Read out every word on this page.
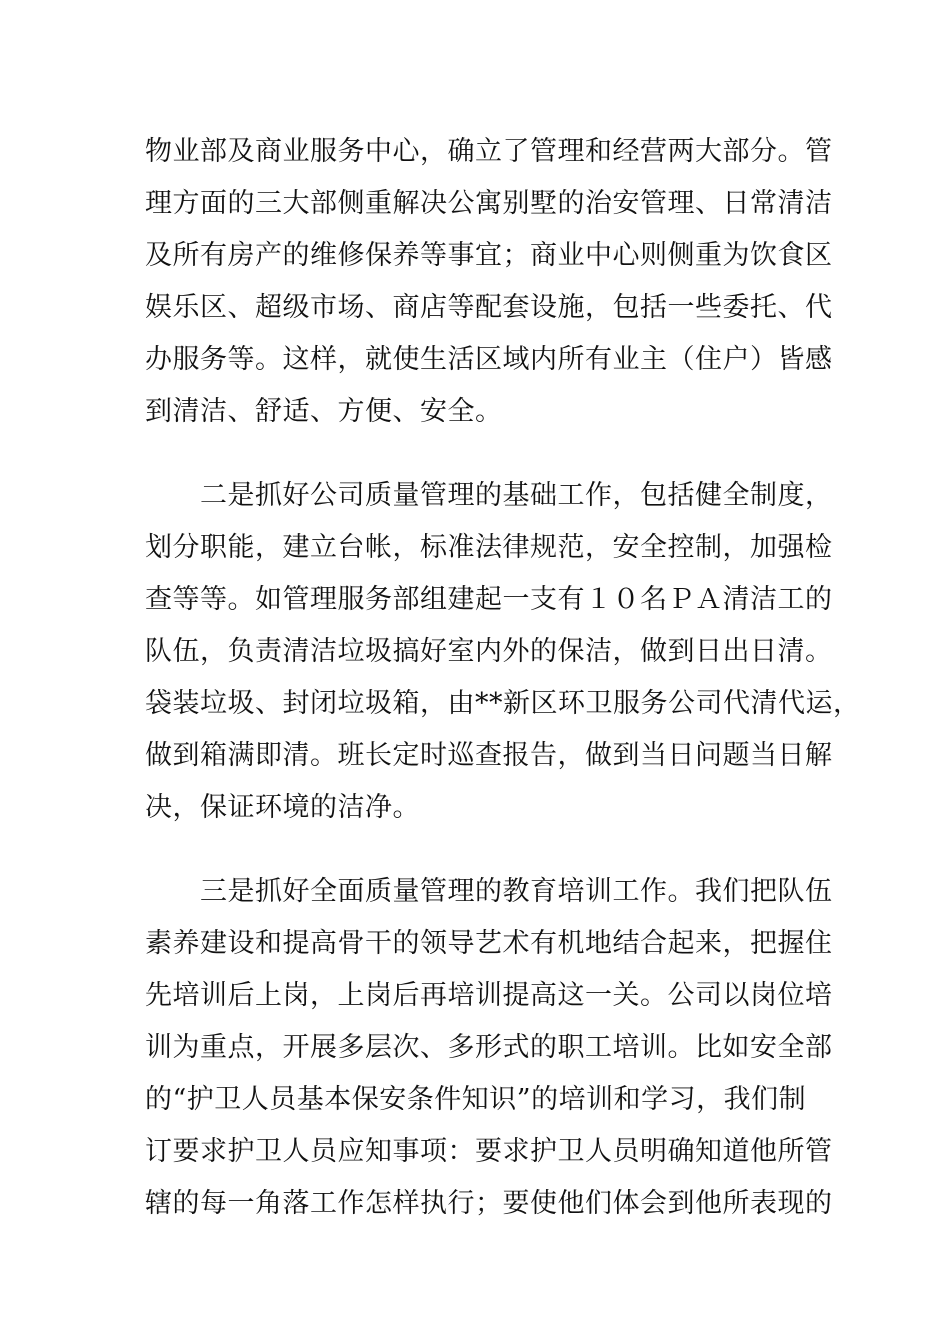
物业部及商业服务中心，确立了管理和经营两大部分。管
理方面的三大部侧重解决公寓别墅的治安管理、日常清洁
及所有房产的维修保养等事宜；商业中心则侧重为饮食区
娱乐区、超级市场、商店等配套设施，包括一些委托、代
办服务等。这样，就使生活区域内所有业主（住户）皆感
到清洁、舒适、方便、安全。
　　二是抓好公司质量管理的基础工作，包括健全制度，
划分职能，建立台帐，标准法律规范，安全控制，加强检
查等等。如管理服务部组建起一支有１０名ＰＡ清洁工的
队伍，负责清洁垃圾搞好室内外的保洁，做到日出日清。
袋装垃圾、封闭垃圾箱，由**新区环卫服务公司代清代运，
做到箱满即清。班长定时巡查报告，做到当日问题当日解
决，保证环境的洁净。
　　三是抓好全面质量管理的教育培训工作。我们把队伍
素养建设和提高骨干的领导艺术有机地结合起来，把握住
先培训后上岗，上岗后再培训提高这一关。公司以岗位培
训为重点，开展多层次、多形式的职工培训。比如安全部
的“护卫人员基本保安条件知识”的培训和学习，我们制
订要求护卫人员应知事项：要求护卫人员明确知道他所管
辖的每一角落工作怎样执行；要使他们体会到他所表现的
